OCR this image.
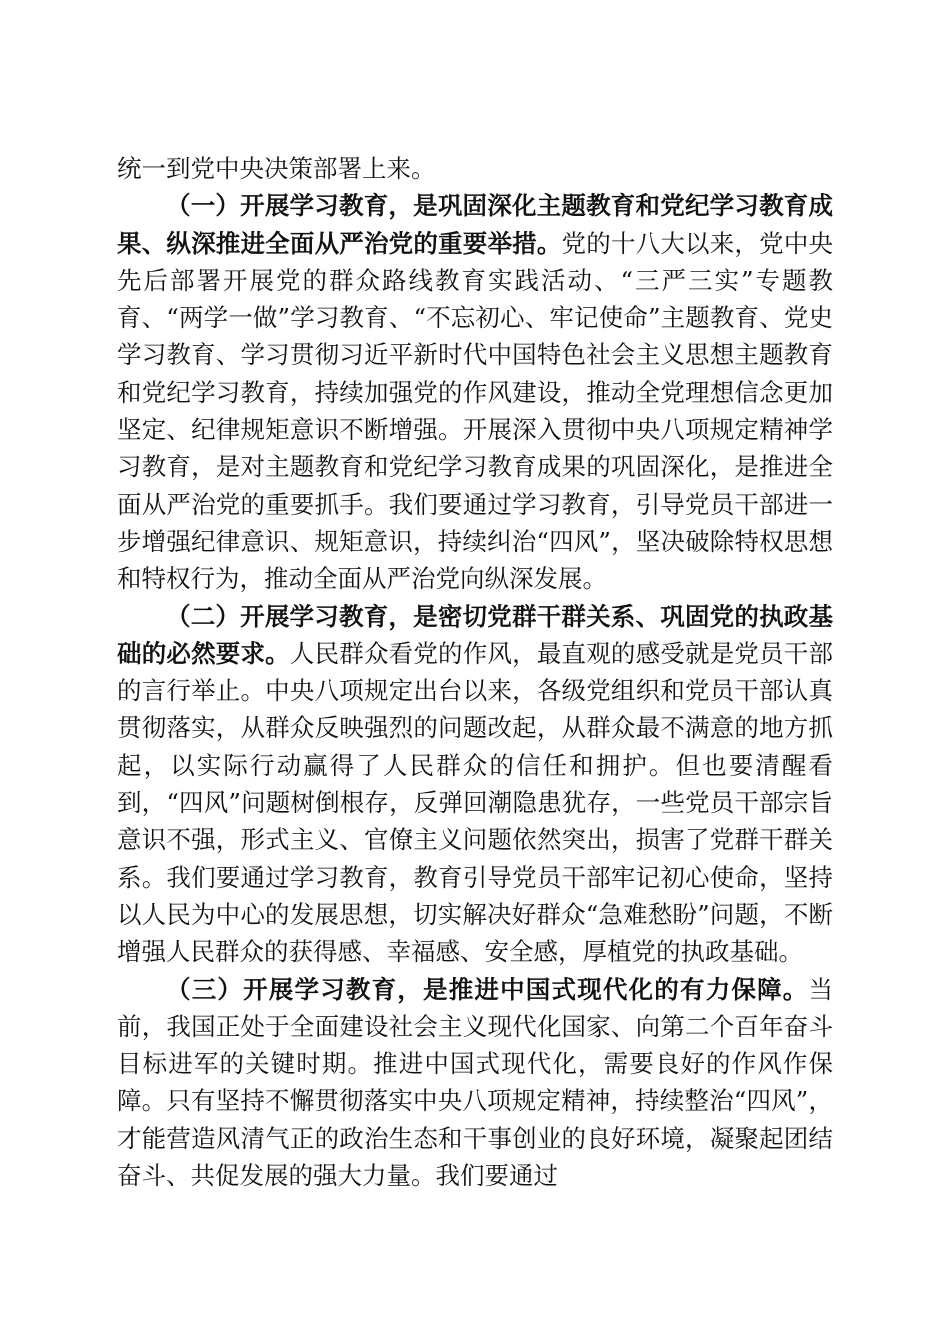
统一到党中央决策部署上来。

（一）开展学习教育，是巩固深化主题教育和党纪学习教育成果、纵深推进全面从严治党的重要举措。党的十八大以来，党中央先后部署开展党的群众路线教育实践活动、“三严三实”专题教育、“两学一做”学习教育、“不忘初心、牢记使命”主题教育、党史学习教育、学习贯彻习近平新时代中国特色社会主义思想主题教育和党纪学习教育，持续加强党的作风建设，推动全党理想信念更加坚定、纪律规矩意识不断增强。开展深入贯彻中央八项规定精神学习教育，是对主题教育和党纪学习教育成果的巩固深化，是推进全面从严治党的重要抓手。我们要通过学习教育，引导党员干部进一步增强纪律意识、规矩意识，持续纠治“四风”，坚决破除特权思想和特权行为，推动全面从严治党向纵深发展。

（二）开展学习教育，是密切党群干群关系、巩固党的执政基础的必然要求。人民群众看党的作风，最直观的感受就是党员干部的言行举止。中央八项规定出台以来，各级党组织和党员干部认真贯彻落实，从群众反映强烈的问题改起，从群众最不满意的地方抓起，以实际行动赢得了人民群众的信任和拥护。但也要清醒看到，“四风”问题树倒根存，反弹回潮隐患犹存，一些党员干部宗旨意识不强，形式主义、官僚主义问题依然突出，损害了党群干群关系。我们要通过学习教育，教育引导党员干部牢记初心使命，坚持以人民为中心的发展思想，切实解决好群众“急难愁盼”问题，不断增强人民群众的获得感、幸福感、安全感，厚植党的执政基础。

（三）开展学习教育，是推进中国式现代化的有力保障。当前，我国正处于全面建设社会主义现代化国家、向第二个百年奋斗目标进军的关键时期。推进中国式现代化，需要良好的作风作保障。只有坚持不懈贯彻落实中央八项规定精神，持续整治“四风”，才能营造风清气正的政治生态和干事创业的良好环境，凝聚起团结奋斗、共促发展的强大力量。我们要通过
